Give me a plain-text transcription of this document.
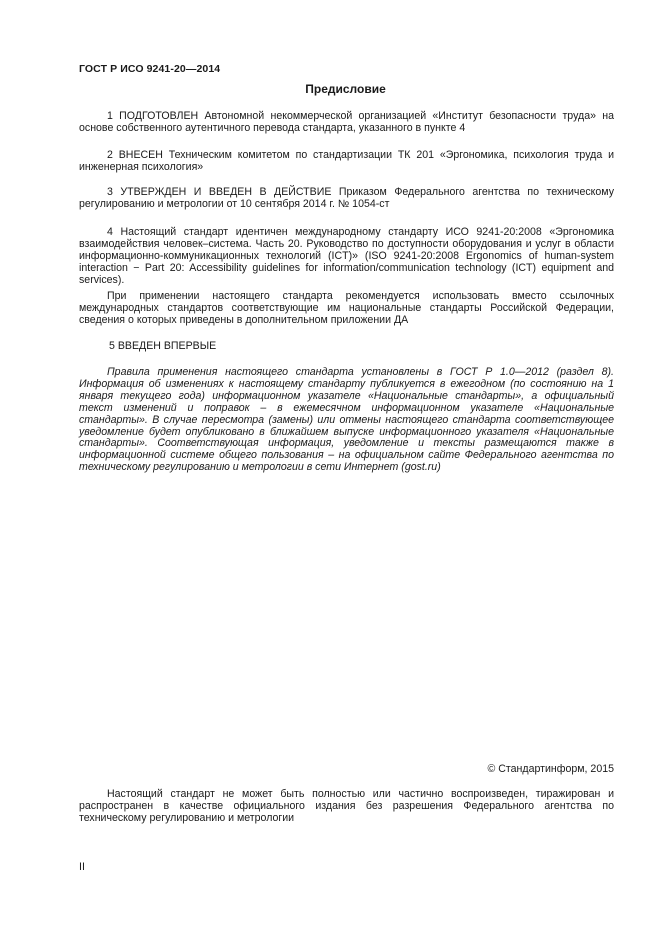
ГОСТ Р ИСО 9241-20—2014
Предисловие

1 ПОДГОТОВЛЕН Автономной некоммерческой организацией «Институт безопасности труда» на основе собственного аутентичного перевода стандарта, указанного в пункте 4

2 ВНЕСЕН Техническим комитетом по стандартизации ТК 201 «Эргономика, психология труда и инженерная психология»

3 УТВЕРЖДЕН И ВВЕДЕН В ДЕЙСТВИЕ Приказом Федерального агентства по техническому регулированию и метрологии от 10 сентября 2014 г. № 1054-ст

4 Настоящий стандарт идентичен международному стандарту ИСО 9241-20:2008 «Эргономика взаимодействия человек–система. Часть 20. Руководство по доступности оборудования и услуг в области информационно-коммуникационных технологий (ICT)» (ISO 9241-20:2008 Ergonomics of human-system interaction − Part 20: Accessibility guidelines for information/communication technology (ICT) equipment and services).

При применении настоящего стандарта рекомендуется использовать вместо ссылочных международных стандартов соответствующие им национальные стандарты Российской Федерации, сведения о которых приведены в дополнительном приложении ДА

5 ВВЕДЕН ВПЕРВЫЕ

Правила применения настоящего стандарта установлены в ГОСТ Р 1.0—2012 (раздел 8). Информация об изменениях к настоящему стандарту публикуется в ежегодном (по состоянию на 1 января текущего года) информационном указателе «Национальные стандарты», а официальный текст изменений и поправок – в ежемесячном информационном указателе «Национальные стандарты». В случае пересмотра (замены) или отмены настоящего стандарта соответствующее уведомление будет опубликовано в ближайшем выпуске информационного указателя «Национальные стандарты». Соответствующая информация, уведомление и тексты размещаются также в информационной системе общего пользования – на официальном сайте Федерального агентства по техническому регулированию и метрологии в сети Интернет (gost.ru)

© Стандартинформ, 2015

Настоящий стандарт не может быть полностью или частично воспроизведен, тиражирован и распространен в качестве официального издания без разрешения Федерального агентства по техническому регулированию и метрологии

II
